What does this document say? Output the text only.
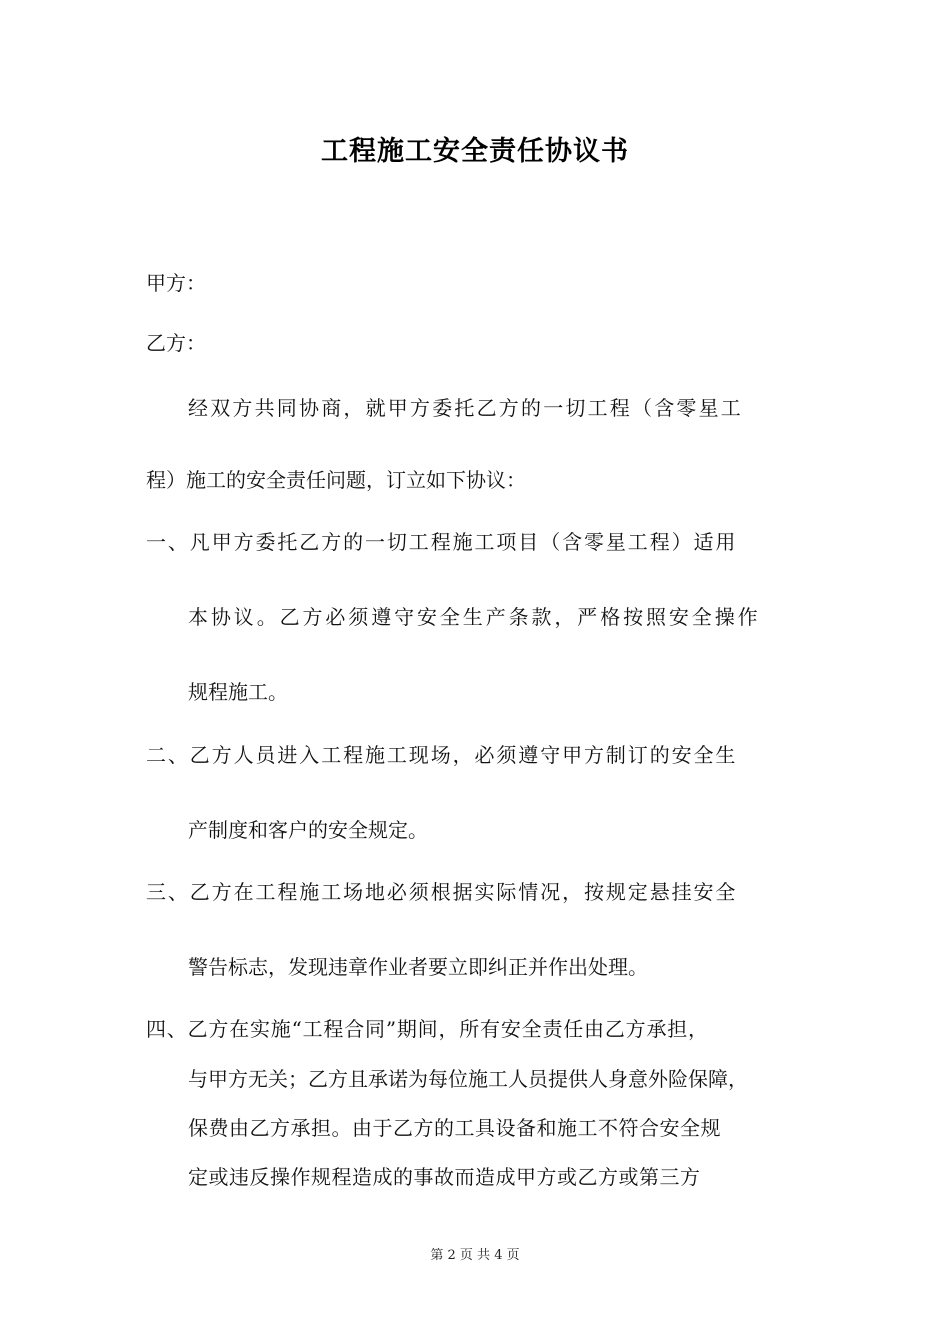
工程施工安全责任协议书
甲方：
乙方：
经双方共同协商，就甲方委托乙方的一切工程（含零星工
程）施工的安全责任问题，订立如下协议：
一、凡甲方委托乙方的一切工程施工项目（含零星工程）适用
本协议。乙方必须遵守安全生产条款，严格按照安全操作
规程施工。
二、乙方人员进入工程施工现场，必须遵守甲方制订的安全生
产制度和客户的安全规定。
三、乙方在工程施工场地必须根据实际情况，按规定悬挂安全
警告标志，发现违章作业者要立即纠正并作出处理。
四、乙方在实施“工程合同”期间，所有安全责任由乙方承担，
与甲方无关；乙方且承诺为每位施工人员提供人身意外险保障，
保费由乙方承担。由于乙方的工具设备和施工不符合安全规
定或违反操作规程造成的事故而造成甲方或乙方或第三方
第 2 页 共 4 页
